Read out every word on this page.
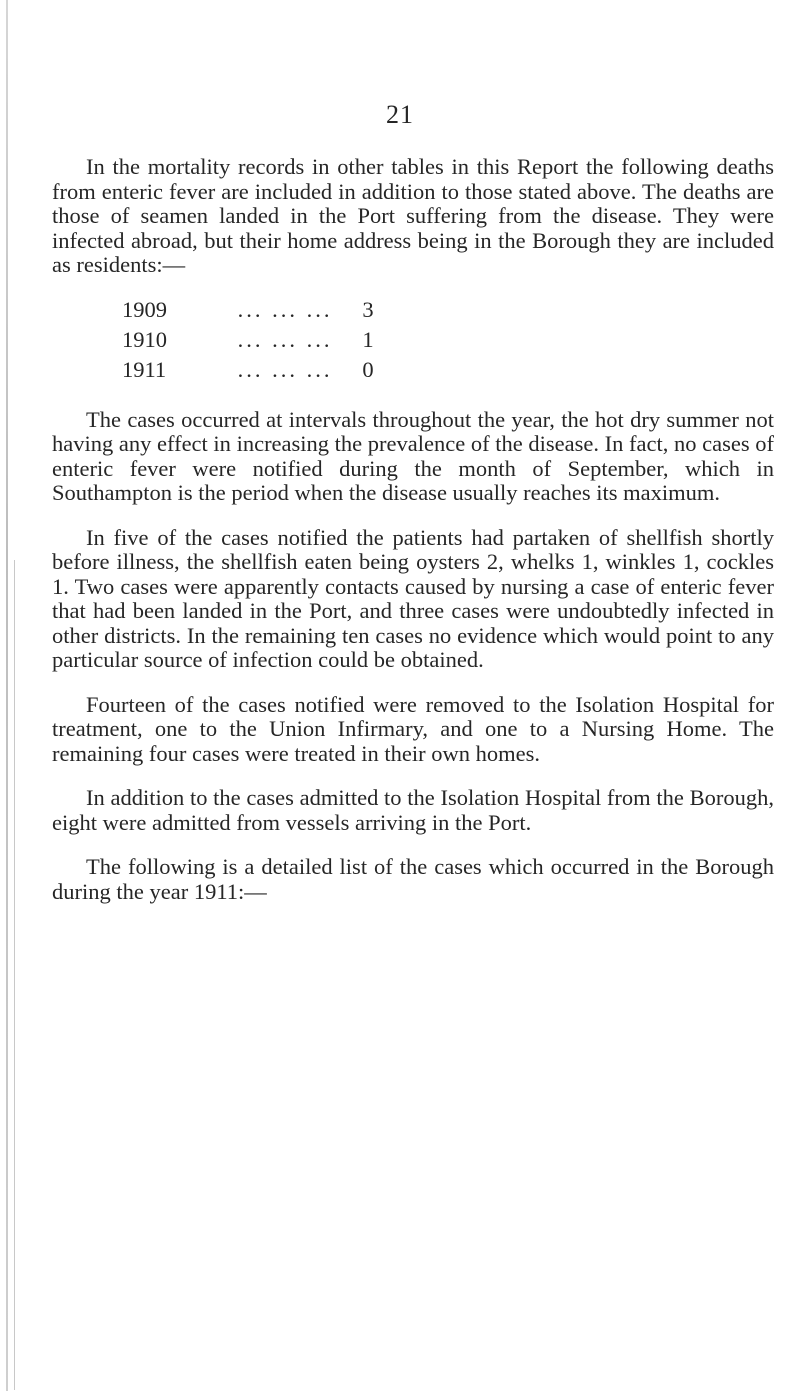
21

In the mortality records in other tables in this Report the following deaths from enteric fever are included in addition to those stated above. The deaths are those of seamen landed in the Port suffering from the disease. They were infected abroad, but their home address being in the Borough they are included as residents:—

1909	... ... ...	3
1910	... ... ...	1
1911	... ... ...	0

The cases occurred at intervals throughout the year, the hot dry summer not having any effect in increasing the prevalence of the disease. In fact, no cases of enteric fever were notified during the month of September, which in Southampton is the period when the disease usually reaches its maximum.

In five of the cases notified the patients had partaken of shellfish shortly before illness, the shellfish eaten being oysters 2, whelks 1, winkles 1, cockles 1. Two cases were apparently contacts caused by nursing a case of enteric fever that had been landed in the Port, and three cases were undoubtedly infected in other districts. In the remaining ten cases no evidence which would point to any particular source of infection could be obtained.

Fourteen of the cases notified were removed to the Isolation Hospital for treatment, one to the Union Infirmary, and one to a Nursing Home. The remaining four cases were treated in their own homes.

In addition to the cases admitted to the Isolation Hospital from the Borough, eight were admitted from vessels arriving in the Port.

The following is a detailed list of the cases which occurred in the Borough during the year 1911:—
